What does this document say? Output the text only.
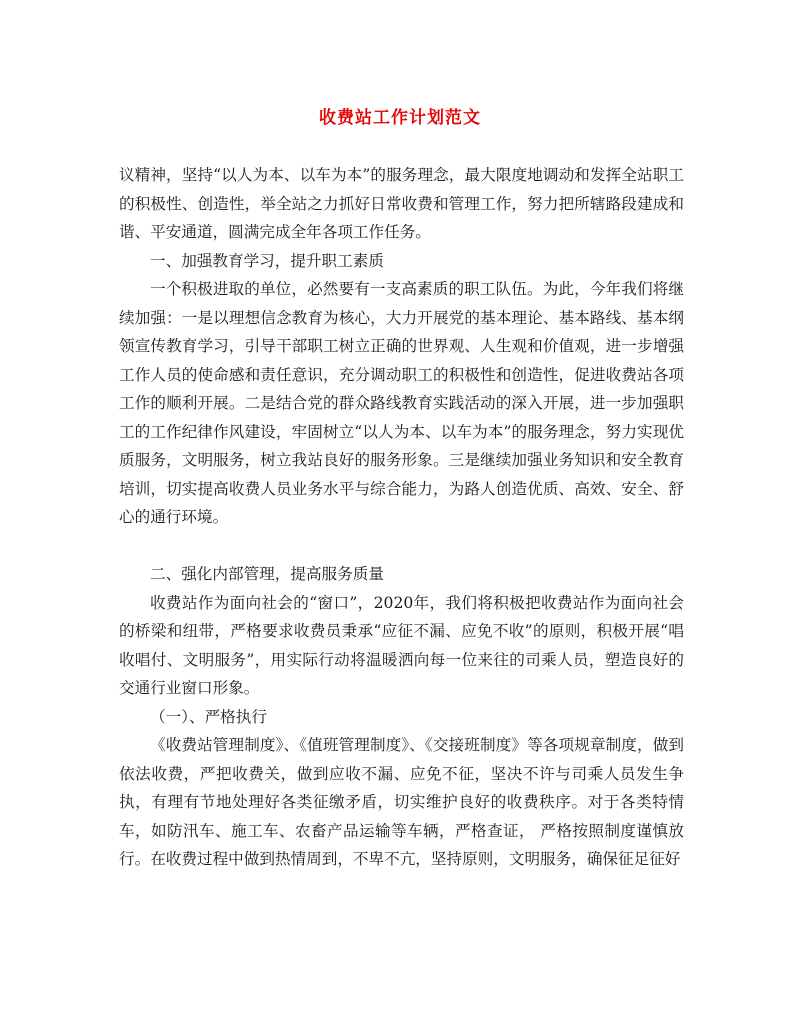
收费站工作计划范文

议精神，坚持“以人为本、以车为本”的服务理念，最大限度地调动和发挥全站职工的积极性、创造性，举全站之力抓好日常收费和管理工作，努力把所辖路段建成和谐、平安通道，圆满完成全年各项工作任务。

一、加强教育学习，提升职工素质

一个积极进取的单位，必然要有一支高素质的职工队伍。为此，今年我们将继续加强：一是以理想信念教育为核心，大力开展党的基本理论、基本路线、基本纲领宣传教育学习，引导干部职工树立正确的世界观、人生观和价值观，进一步增强工作人员的使命感和责任意识，充分调动职工的积极性和创造性，促进收费站各项工作的顺利开展。二是结合党的群众路线教育实践活动的深入开展，进一步加强职工的工作纪律作风建设，牢固树立“以人为本、以车为本”的服务理念，努力实现优质服务，文明服务，树立我站良好的服务形象。三是继续加强业务知识和安全教育培训，切实提高收费人员业务水平与综合能力，为路人创造优质、高效、安全、舒心的通行环境。

二、强化内部管理，提高服务质量

收费站作为面向社会的“窗口”，2020年，我们将积极把收费站作为面向社会的桥梁和纽带，严格要求收费员秉承“应征不漏、应免不收”的原则，积极开展“唱收唱付、文明服务”，用实际行动将温暖洒向每一位来往的司乘人员，塑造良好的交通行业窗口形象。

（一）、严格执行

《收费站管理制度》、《值班管理制度》、《交接班制度》等各项规章制度，做到依法收费，严把收费关，做到应收不漏、应免不征，坚决不许与司乘人员发生争执，有理有节地处理好各类征缴矛盾，切实维护良好的收费秩序。对于各类特情车，如防汛车、施工车、农畜产品运输等车辆，严格查证， 严格按照制度谨慎放行。在收费过程中做到热情周到，不卑不亢，坚持原则，文明服务，确保征足征好
